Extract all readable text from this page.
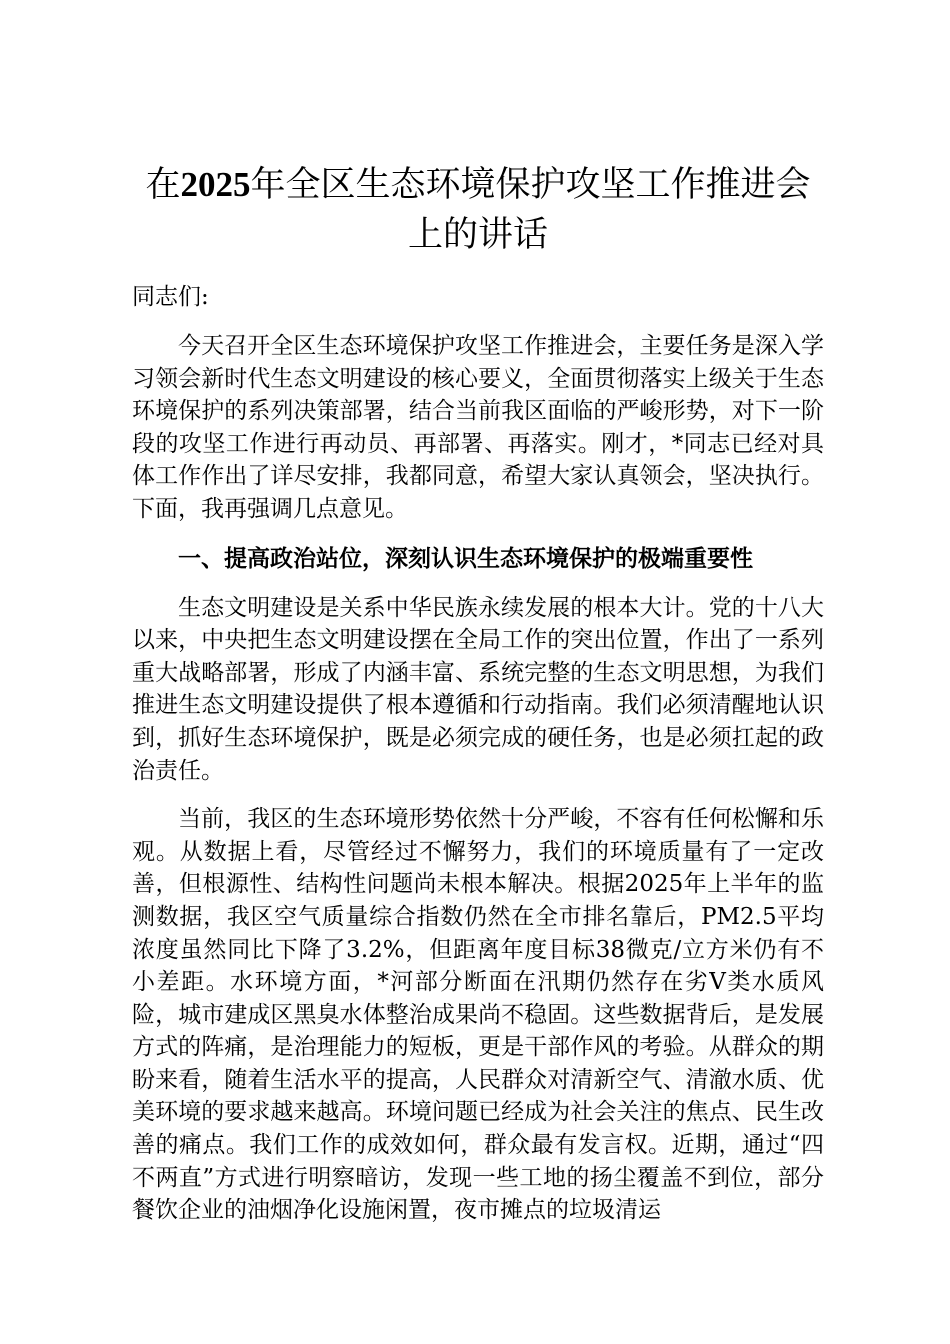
在2025年全区生态环境保护攻坚工作推进会上的讲话

同志们:

今天召开全区生态环境保护攻坚工作推进会，主要任务是深入学习领会新时代生态文明建设的核心要义，全面贯彻落实上级关于生态环境保护的系列决策部署，结合当前我区面临的严峻形势，对下一阶段的攻坚工作进行再动员、再部署、再落实。刚才，*同志已经对具体工作作出了详尽安排，我都同意，希望大家认真领会，坚决执行。下面，我再强调几点意见。

一、提高政治站位，深刻认识生态环境保护的极端重要性

生态文明建设是关系中华民族永续发展的根本大计。党的十八大以来，中央把生态文明建设摆在全局工作的突出位置，作出了一系列重大战略部署，形成了内涵丰富、系统完整的生态文明思想，为我们推进生态文明建设提供了根本遵循和行动指南。我们必须清醒地认识到，抓好生态环境保护，既是必须完成的硬任务，也是必须扛起的政治责任。

当前，我区的生态环境形势依然十分严峻，不容有任何松懈和乐观。从数据上看，尽管经过不懈努力，我们的环境质量有了一定改善，但根源性、结构性问题尚未根本解决。根据2025年上半年的监测数据，我区空气质量综合指数仍然在全市排名靠后，PM2.5平均浓度虽然同比下降了3.2%，但距离年度目标38微克/立方米仍有不小差距。水环境方面，*河部分断面在汛期仍然存在劣V类水质风险，城市建成区黑臭水体整治成果尚不稳固。这些数据背后，是发展方式的阵痛，是治理能力的短板，更是干部作风的考验。从群众的期盼来看，随着生活水平的提高，人民群众对清新空气、清澈水质、优美环境的要求越来越高。环境问题已经成为社会关注的焦点、民生改善的痛点。我们工作的成效如何，群众最有发言权。近期，通过“四不两直”方式进行明察暗访，发现一些工地的扬尘覆盖不到位，部分餐饮企业的油烟净化设施闲置，夜市摊点的垃圾清运
